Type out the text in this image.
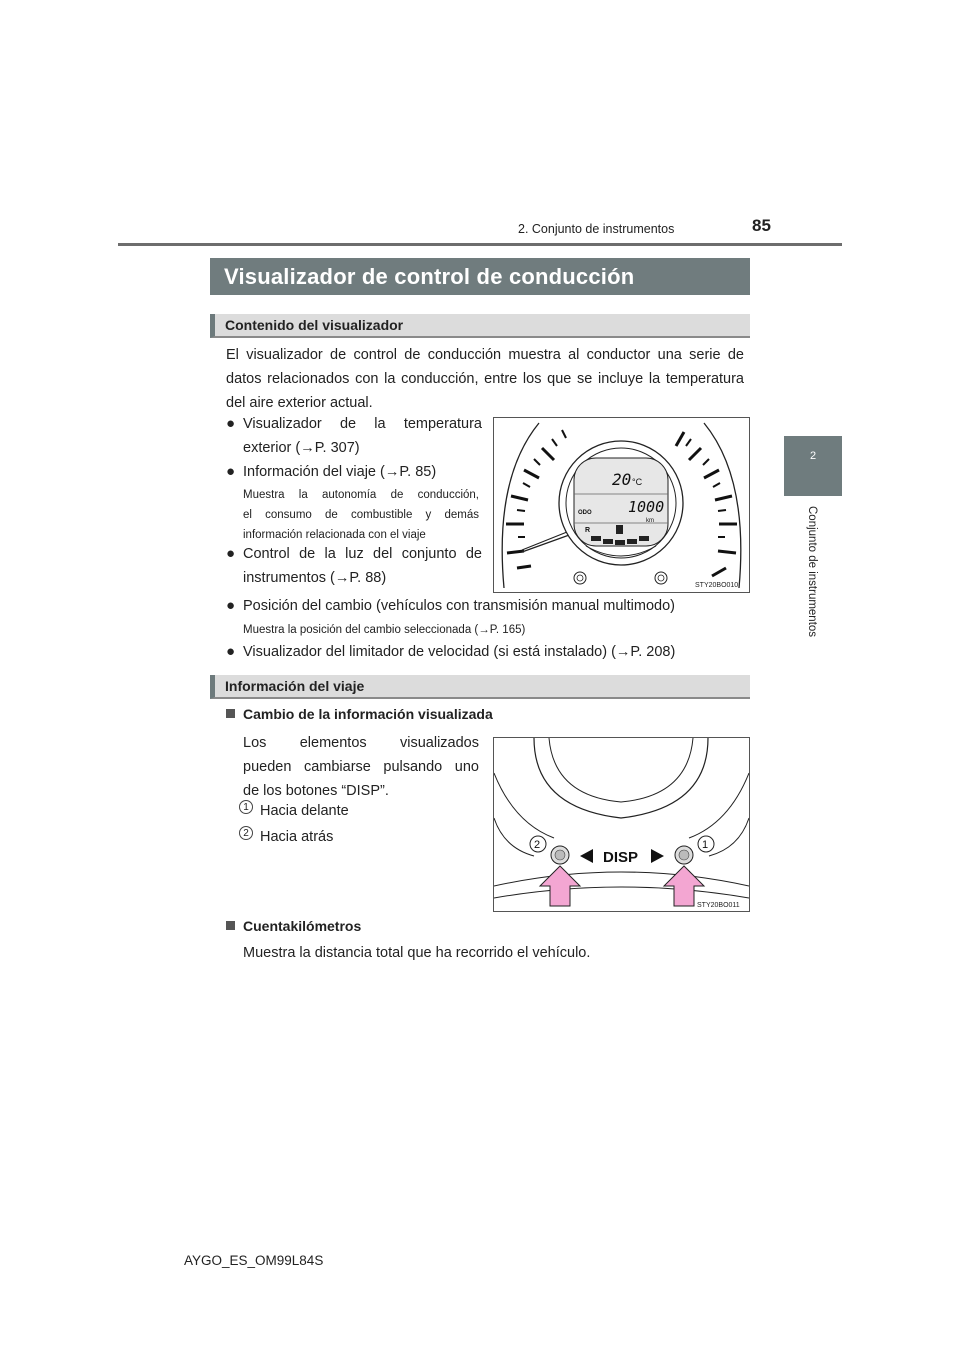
2. Conjunto de instrumentos	85
2
Conjunto de instrumentos
Visualizador de control de conducción
Contenido del visualizador
El visualizador de control de conducción muestra al conductor una serie de datos relacionados con la conducción, entre los que se incluye la temperatura del aire exterior actual.
● Visualizador de la temperatura
exterior (→P. 307)
● Información del viaje (→P. 85)
Muestra la autonomía de conducción,
el consumo de combustible y demás
información relacionada con el viaje
● Control de la luz del conjunto de
instrumentos (→P. 88)
● Posición del cambio (vehículos con transmisión manual multimodo)
Muestra la posición del cambio seleccionada (→P. 165)
● Visualizador del limitador de velocidad (si está instalado) (→P. 208)
20 °C
ODO 1000
km
R
STY20BO010
Información del viaje
Cambio de la información visualizada
Los elementos visualizados
pueden cambiarse pulsando uno
de los botones “DISP”.
1 Hacia delante
2 Hacia atrás
DISP
2	1
STY20BO011
Cuentakilómetros
Muestra la distancia total que ha recorrido el vehículo.
AYGO_ES_OM99L84S
